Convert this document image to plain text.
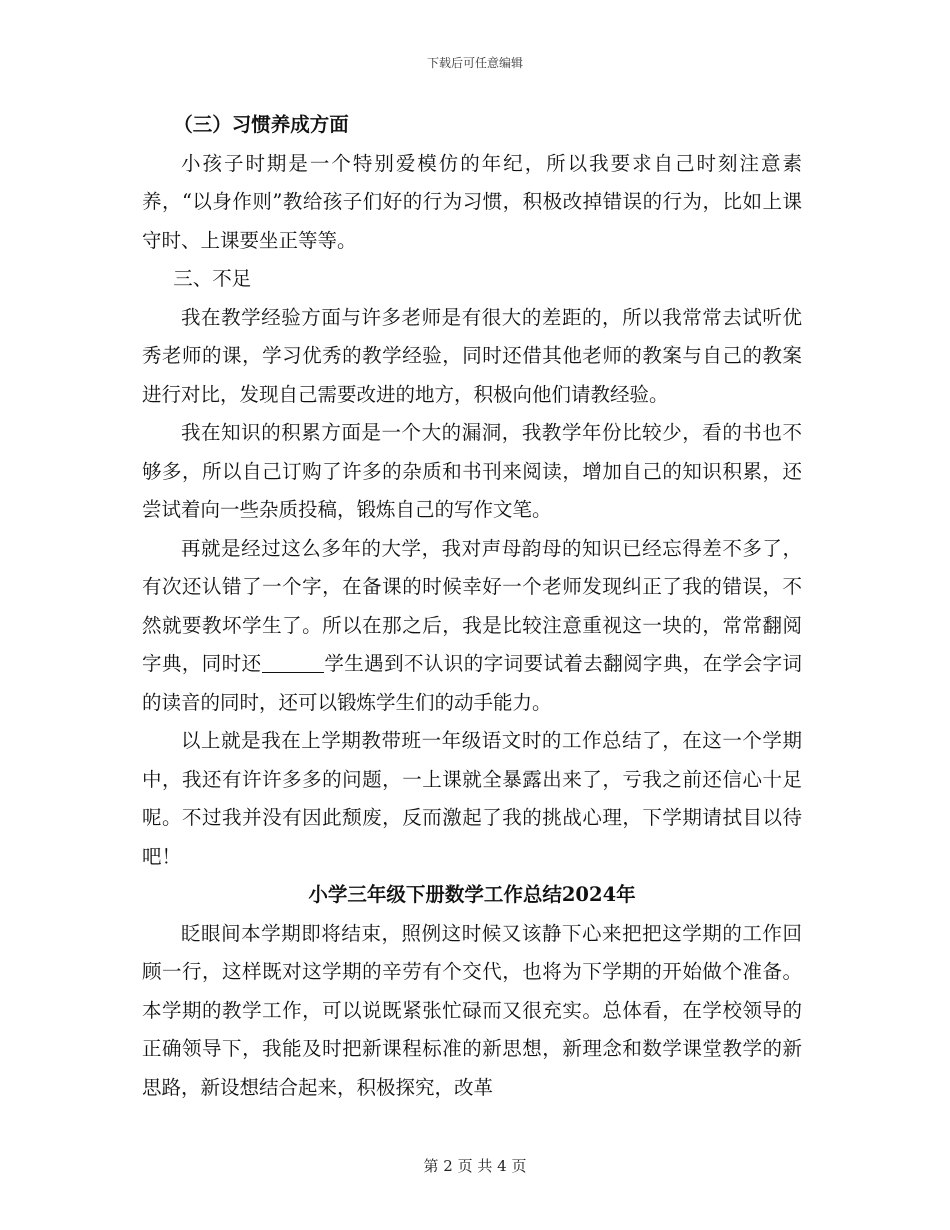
下载后可任意编辑

（三）习惯养成方面

小孩子时期是一个特别爱模仿的年纪，所以我要求自己时刻注意素养，“以身作则”教给孩子们好的行为习惯，积极改掉错误的行为，比如上课守时、上课要坐正等等。

三、不足

我在教学经验方面与许多老师是有很大的差距的，所以我常常去试听优秀老师的课，学习优秀的教学经验，同时还借其他老师的教案与自己的教案进行对比，发现自己需要改进的地方，积极向他们请教经验。

我在知识的积累方面是一个大的漏洞，我教学年份比较少，看的书也不够多，所以自己订购了许多的杂质和书刊来阅读，增加自己的知识积累，还尝试着向一些杂质投稿，锻炼自己的写作文笔。

再就是经过这么多年的大学，我对声母韵母的知识已经忘得差不多了，有次还认错了一个字，在备课的时候幸好一个老师发现纠正了我的错误，不然就要教坏学生了。所以在那之后，我是比较注意重视这一块的，常常翻阅字典，同时还	学生遇到不认识的字词要试着去翻阅字典，在学会字词的读音的同时，还可以锻炼学生们的动手能力。

以上就是我在上学期教带班一年级语文时的工作总结了，在这一个学期中，我还有许许多多的问题，一上课就全暴露出来了，亏我之前还信心十足呢。不过我并没有因此颓废，反而激起了我的挑战心理，下学期请拭目以待吧！

小学三年级下册数学工作总结2024年

眨眼间本学期即将结束，照例这时候又该静下心来把把这学期的工作回顾一行，这样既对这学期的辛劳有个交代，也将为下学期的开始做个准备。本学期的教学工作，可以说既紧张忙碌而又很充实。总体看，在学校领导的正确领导下，我能及时把新课程标准的新思想，新理念和数学课堂教学的新思路，新设想结合起来，积极探究，改革

第 2 页 共 4 页
